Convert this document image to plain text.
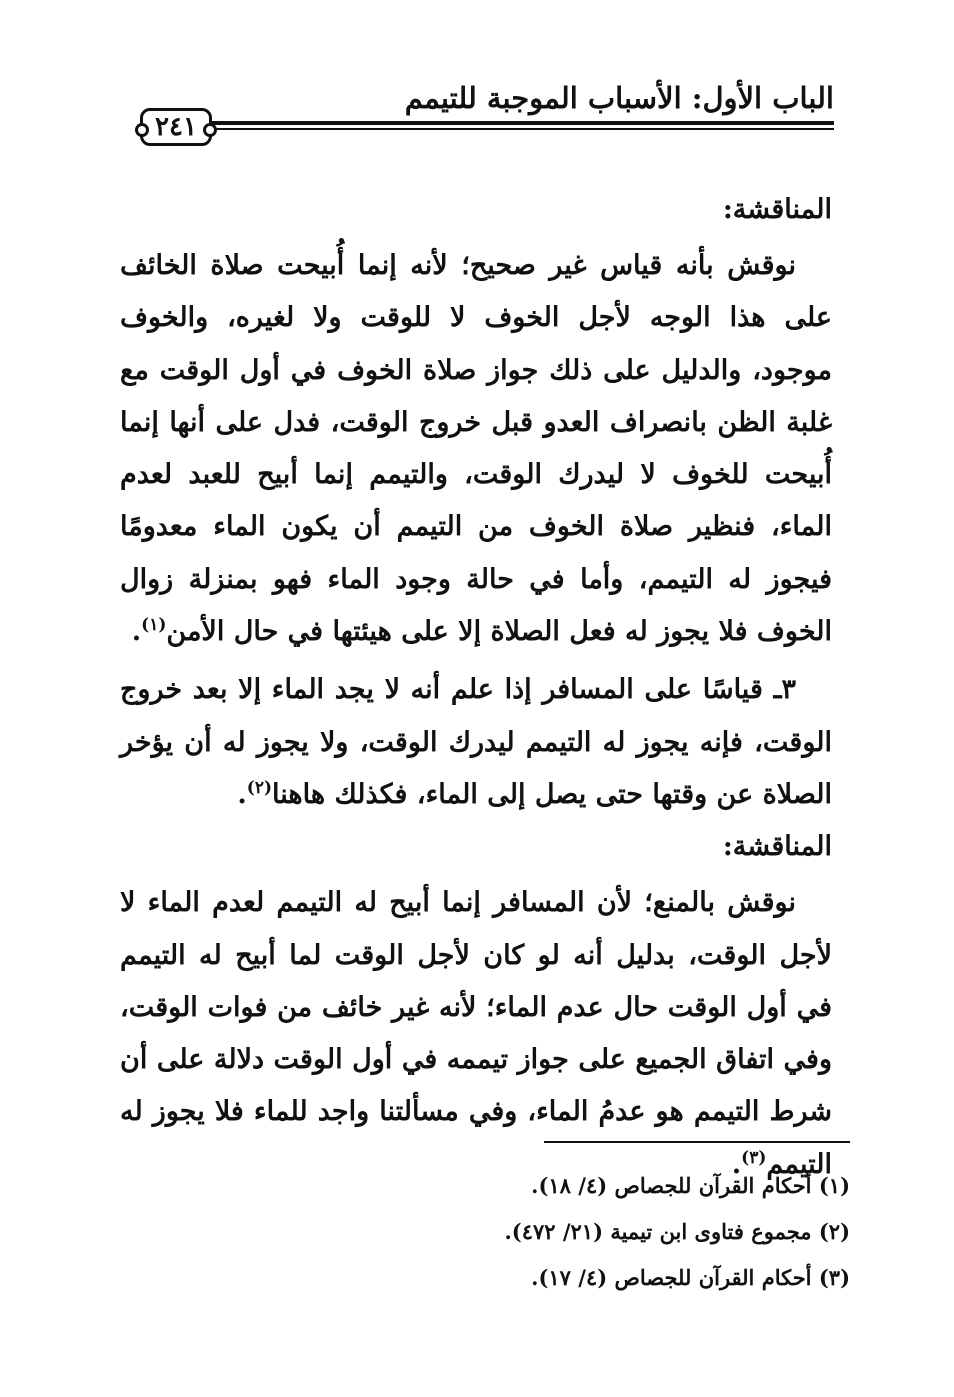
الباب الأول: الأسباب الموجبة للتيمم
٢٤١

المناقشة:

نوقش بأنه قياس غير صحيح؛ لأنه إنما أُبيحت صلاة الخائف على هذا الوجه لأجل الخوف لا للوقت ولا لغيره، والخوف موجود، والدليل على ذلك جواز صلاة الخوف في أول الوقت مع غلبة الظن بانصراف العدو قبل خروج الوقت، فدل على أنها إنما أُبيحت للخوف لا ليدرك الوقت، والتيمم إنما أبيح للعبد لعدم الماء، فنظير صلاة الخوف من التيمم أن يكون الماء معدومًا فيجوز له التيمم، وأما في حالة وجود الماء فهو بمنزلة زوال الخوف فلا يجوز له فعل الصلاة إلا على هيئتها في حال الأمن$^{(١)}$.

٣ـ قياسًا على المسافر إذا علم أنه لا يجد الماء إلا بعد خروج الوقت، فإنه يجوز له التيمم ليدرك الوقت، ولا يجوز له أن يؤخر الصلاة عن وقتها حتى يصل إلى الماء، فكذلك هاهنا$^{(٢)}$.

المناقشة:

نوقش بالمنع؛ لأن المسافر إنما أبيح له التيمم لعدم الماء لا لأجل الوقت، بدليل أنه لو كان لأجل الوقت لما أبيح له التيمم في أول الوقت حال عدم الماء؛ لأنه غير خائف من فوات الوقت، وفي اتفاق الجميع على جواز تيممه في أول الوقت دلالة على أن شرط التيمم هو عدمُ الماء، وفي مسألتنا واجد للماء فلا يجوز له التيمم$^{(٣)}$.

(١) أحكام القرآن للجصاص (٤/ ١٨).

(٢) مجموع فتاوى ابن تيمية (٢١/ ٤٧٢).

(٣) أحكام القرآن للجصاص (٤/ ١٧).
